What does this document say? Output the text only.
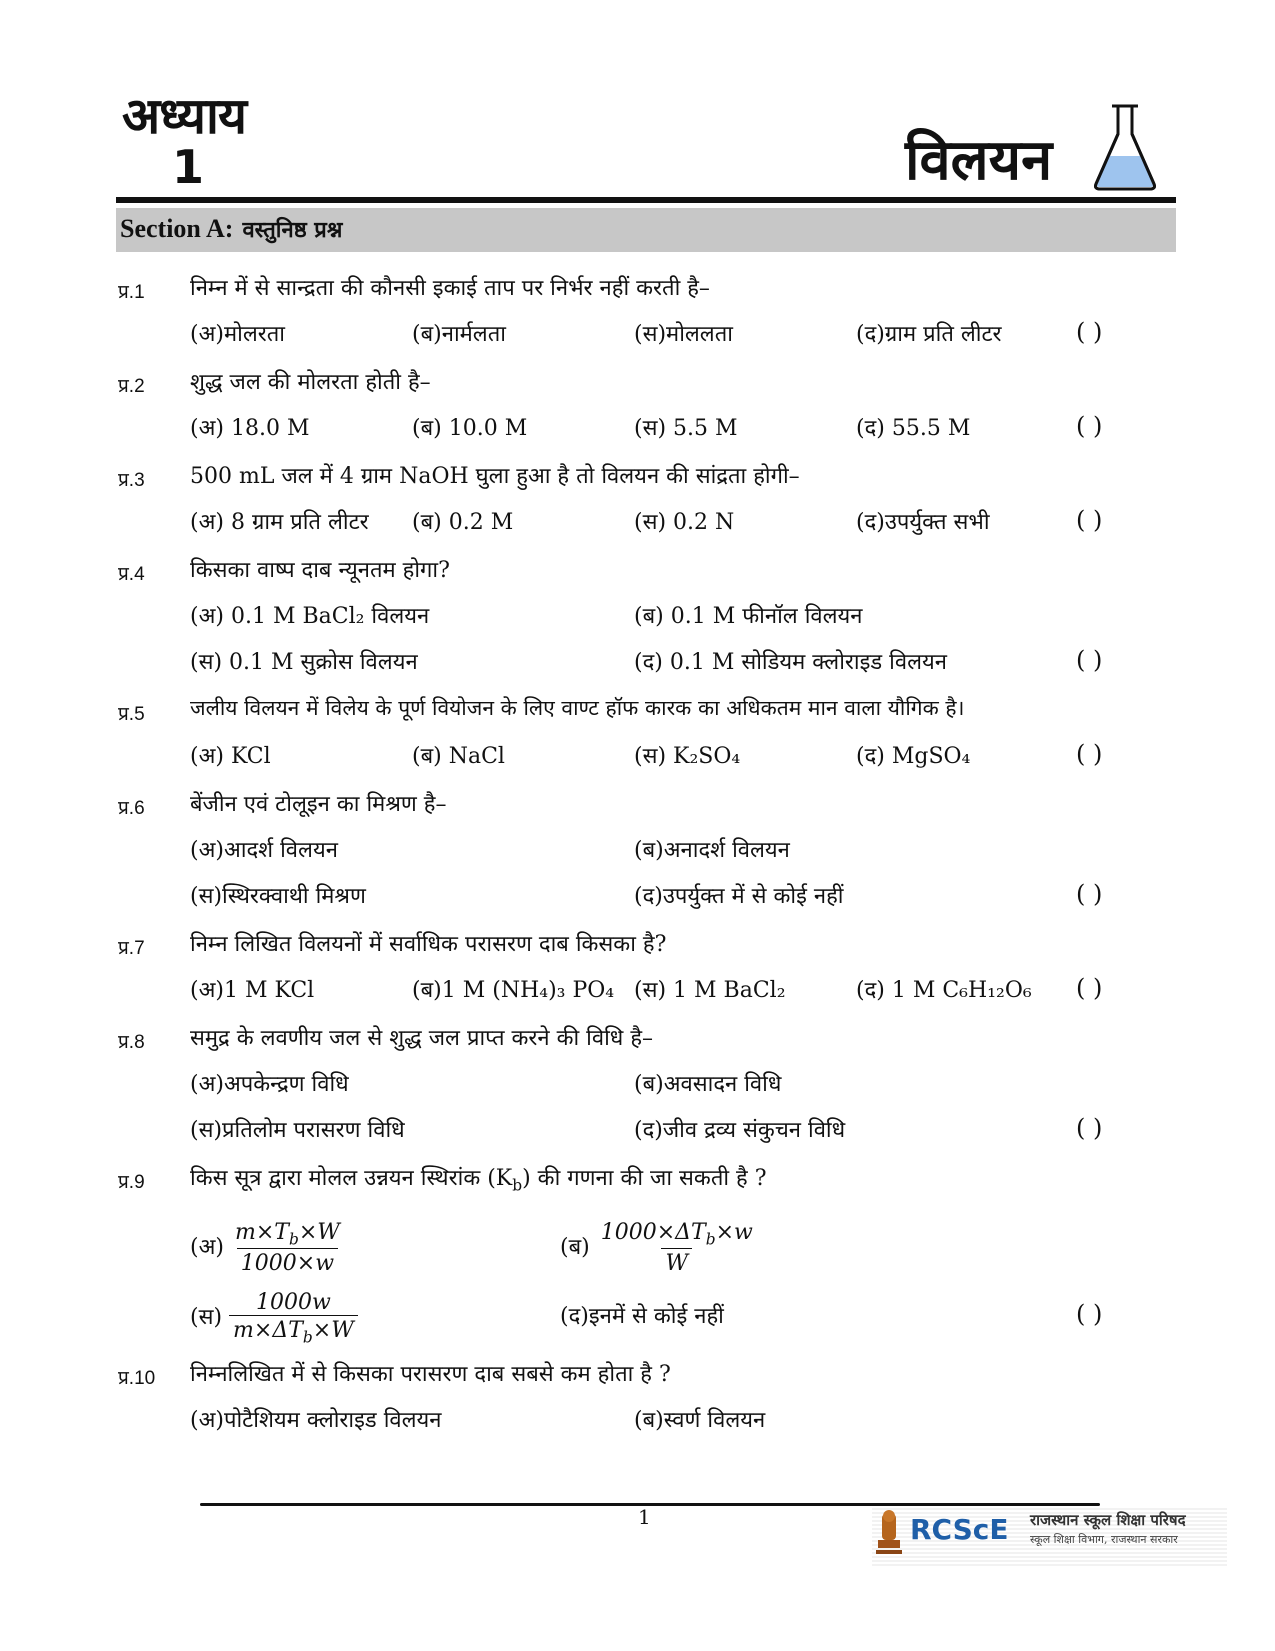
अध्याय
1	विलयन
Section A: वस्तुनिष्ठ प्रश्न
प्र.1 निम्न में से सान्द्रता की कौनसी इकाई ताप पर निर्भर नहीं करती है–
(अ)मोलरता	(ब)नार्मलता	(स)मोललता	(द)ग्राम प्रति लीटर	( )
प्र.2 शुद्ध जल की मोलरता होती है–
(अ) 18.0 M	(ब) 10.0 M	(स) 5.5 M	(द) 55.5 M	( )
प्र.3 500 mL जल में 4 ग्राम NaOH घुला हुआ है तो विलयन की सांद्रता होगी–
(अ) 8 ग्राम प्रति लीटर (ब) 0.2 M	(स) 0.2 N	(द)उपर्युक्त सभी	( )
प्र.4 किसका वाष्प दाब न्यूनतम होगा?
(अ) 0.1 M BaCl₂ विलयन	(ब) 0.1 M फीनॉल विलयन
(स) 0.1 M सुक्रोस विलयन	(द) 0.1 M सोडियम क्लोराइड विलयन	( )
प्र.5 जलीय विलयन में विलेय के पूर्ण वियोजन के लिए वाण्ट हॉफ कारक का अधिकतम मान वाला यौगिक है।
(अ) KCl	(ब) NaCl	(स) K₂SO₄	(द) MgSO₄	( )
प्र.6 बेंजीन एवं टोलूइन का मिश्रण है–
(अ)आदर्श विलयन	(ब)अनादर्श विलयन
(स)स्थिरक्वाथी मिश्रण	(द)उपर्युक्त में से कोई नहीं	( )
प्र.7 निम्न लिखित विलयनों में सर्वाधिक परासरण दाब किसका है?
(अ)1 M KCl	(ब)1 M (NH₄)₃ PO₄ (स) 1 M BaCl₂	(द) 1 M C₆H₁₂O₆ ( )
प्र.8 समुद्र के लवणीय जल से शुद्ध जल प्राप्त करने की विधि है–
(अ)अपकेन्द्रण विधि	(ब)अवसादन विधि
(स)प्रतिलोम परासरण विधि	(द)जीव द्रव्य संकुचन विधि	( )
प्र.9 किस सूत्र द्वारा मोलल उन्नयन स्थिरांक $(K_b)$ की गणना की जा सकती है ?
(अ) $\frac{m\times T_b\times W}{1000\times w}$	(ब) $\frac{1000\times\Delta T_b\times w}{W}$
(स) $\frac{1000w}{m\times\Delta T_b\times W}$	(द)इनमें से कोई नहीं	( )
प्र.10 निम्नलिखित में से किसका परासरण दाब सबसे कम होता है ?
(अ)पोटैशियम क्लोराइड विलयन	(ब)स्वर्ण विलयन
1	RCScE राजस्थान स्कूल शिक्षा परिषद
स्कूल शिक्षा विभाग, राजस्थान सरकार
